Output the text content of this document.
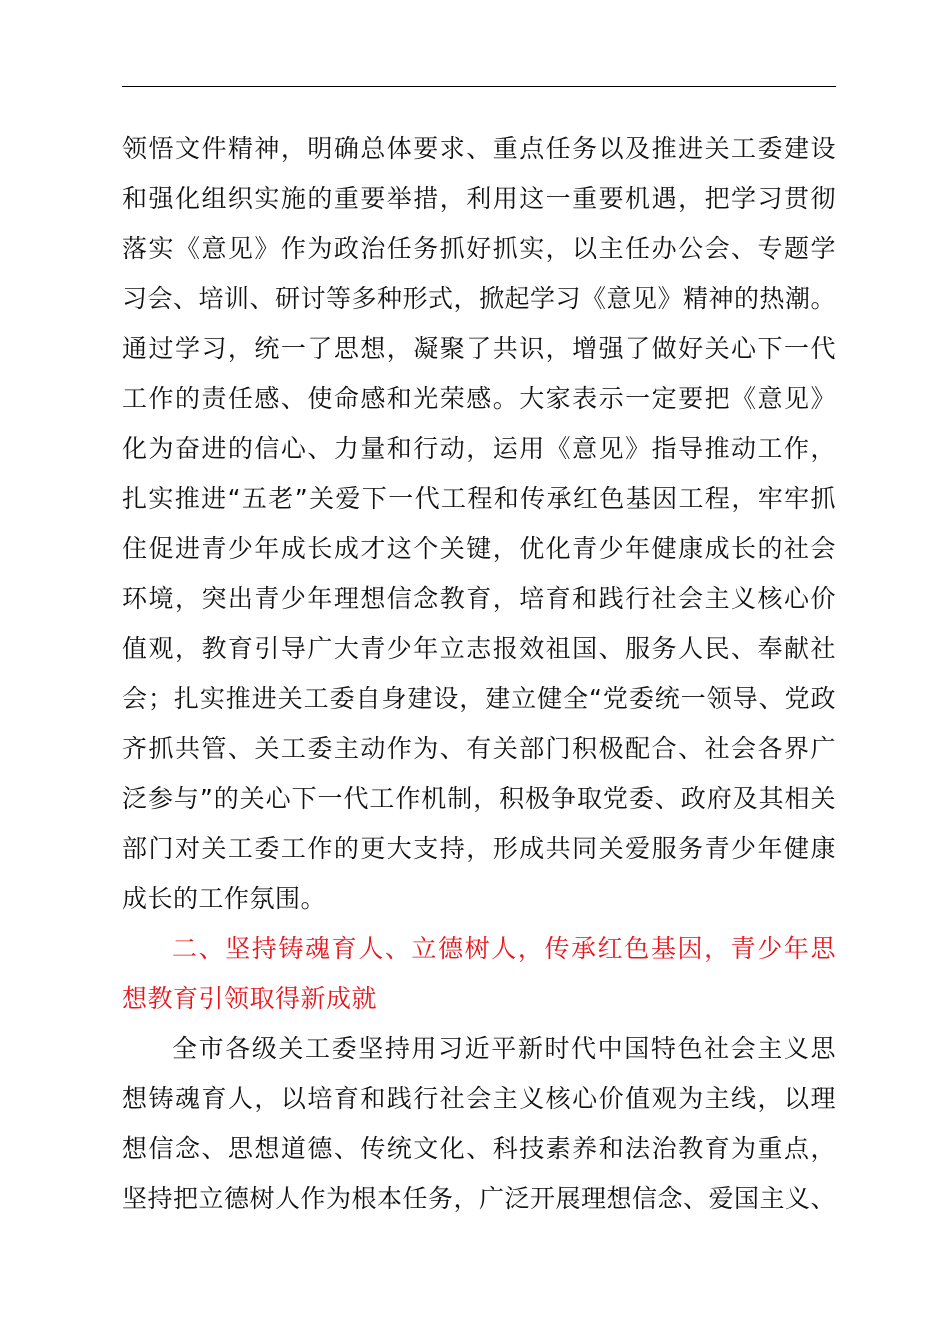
领悟文件精神，明确总体要求、重点任务以及推进关工委建设
和强化组织实施的重要举措，利用这一重要机遇，把学习贯彻
落实《意见》作为政治任务抓好抓实，以主任办公会、专题学
习会、培训、研讨等多种形式，掀起学习《意见》精神的热潮。
通过学习，统一了思想，凝聚了共识，增强了做好关心下一代
工作的责任感、使命感和光荣感。大家表示一定要把《意见》
化为奋进的信心、力量和行动，运用《意见》指导推动工作，
扎实推进“五老”关爱下一代工程和传承红色基因工程，牢牢抓
住促进青少年成长成才这个关键，优化青少年健康成长的社会
环境，突出青少年理想信念教育，培育和践行社会主义核心价
值观，教育引导广大青少年立志报效祖国、服务人民、奉献社
会；扎实推进关工委自身建设，建立健全“党委统一领导、党政
齐抓共管、关工委主动作为、有关部门积极配合、社会各界广
泛参与”的关心下一代工作机制，积极争取党委、政府及其相关
部门对关工委工作的更大支持，形成共同关爱服务青少年健康
成长的工作氛围。
二、坚持铸魂育人、立德树人，传承红色基因，青少年思
想教育引领取得新成就
全市各级关工委坚持用习近平新时代中国特色社会主义思
想铸魂育人，以培育和践行社会主义核心价值观为主线，以理
想信念、思想道德、传统文化、科技素养和法治教育为重点，
坚持把立德树人作为根本任务，广泛开展理想信念、爱国主义、
